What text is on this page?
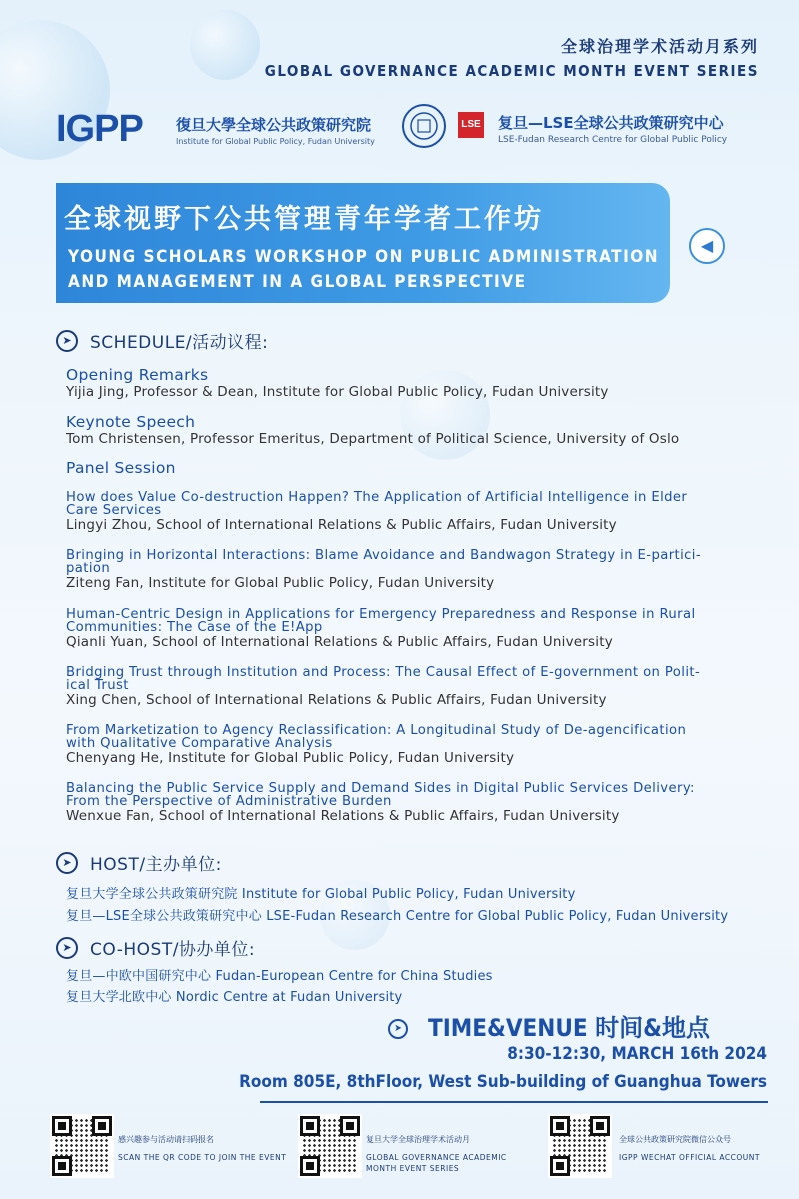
全球治理学术活动月系列
GLOBAL GOVERNANCE ACADEMIC MONTH EVENT SERIES
IGPP 復旦大學全球公共政策研究院
Institute for Global Public Policy, Fudan University
LSE 复旦—LSE全球公共政策研究中心
LSE-Fudan Research Centre for Global Public Policy
全球视野下公共管理青年学者工作坊
YOUNG SCHOLARS WORKSHOP ON PUBLIC ADMINISTRATION
AND MANAGEMENT IN A GLOBAL PERSPECTIVE
◀
➤ SCHEDULE/活动议程:
Opening Remarks
Yijia Jing, Professor & Dean, Institute for Global Public Policy, Fudan University
Keynote Speech
Tom Christensen, Professor Emeritus, Department of Political Science, University of Oslo
Panel Session
How does Value Co-destruction Happen? The Application of Artificial Intelligence in Elder
Care Services
Lingyi Zhou, School of International Relations & Public Affairs, Fudan University
Bringing in Horizontal Interactions: Blame Avoidance and Bandwagon Strategy in E-partici-
pation
Ziteng Fan, Institute for Global Public Policy, Fudan University
Human-Centric Design in Applications for Emergency Preparedness and Response in Rural
Communities: The Case of the E!App
Qianli Yuan, School of International Relations & Public Affairs, Fudan University
Bridging Trust through Institution and Process: The Causal Effect of E-government on Polit-
ical Trust
Xing Chen, School of International Relations & Public Affairs, Fudan University
From Marketization to Agency Reclassification: A Longitudinal Study of De-agencification
with Qualitative Comparative Analysis
Chenyang He, Institute for Global Public Policy, Fudan University
Balancing the Public Service Supply and Demand Sides in Digital Public Services Delivery:
From the Perspective of Administrative Burden
Wenxue Fan, School of International Relations & Public Affairs, Fudan University
➤ HOST/主办单位:
复旦大学全球公共政策研究院 Institute for Global Public Policy, Fudan University
复旦—LSE全球公共政策研究中心 LSE-Fudan Research Centre for Global Public Policy, Fudan University
➤ CO-HOST/协办单位:
复旦—中欧中国研究中心 Fudan-European Centre for China Studies
复旦大学北欧中心 Nordic Centre at Fudan University
➤ TIME&VENUE 时间&地点
8:30-12:30, MARCH 16th 2024
Room 805E, 8thFloor, West Sub-building of Guanghua Towers
感兴趣参与活动请扫码报名
SCAN THE QR CODE TO JOIN THE EVENT
复旦大学全球治理学术活动月
GLOBAL GOVERNANCE ACADEMIC MONTH EVENT SERIES
全球公共政策研究院微信公众号
IGPP WECHAT OFFICIAL ACCOUNT
